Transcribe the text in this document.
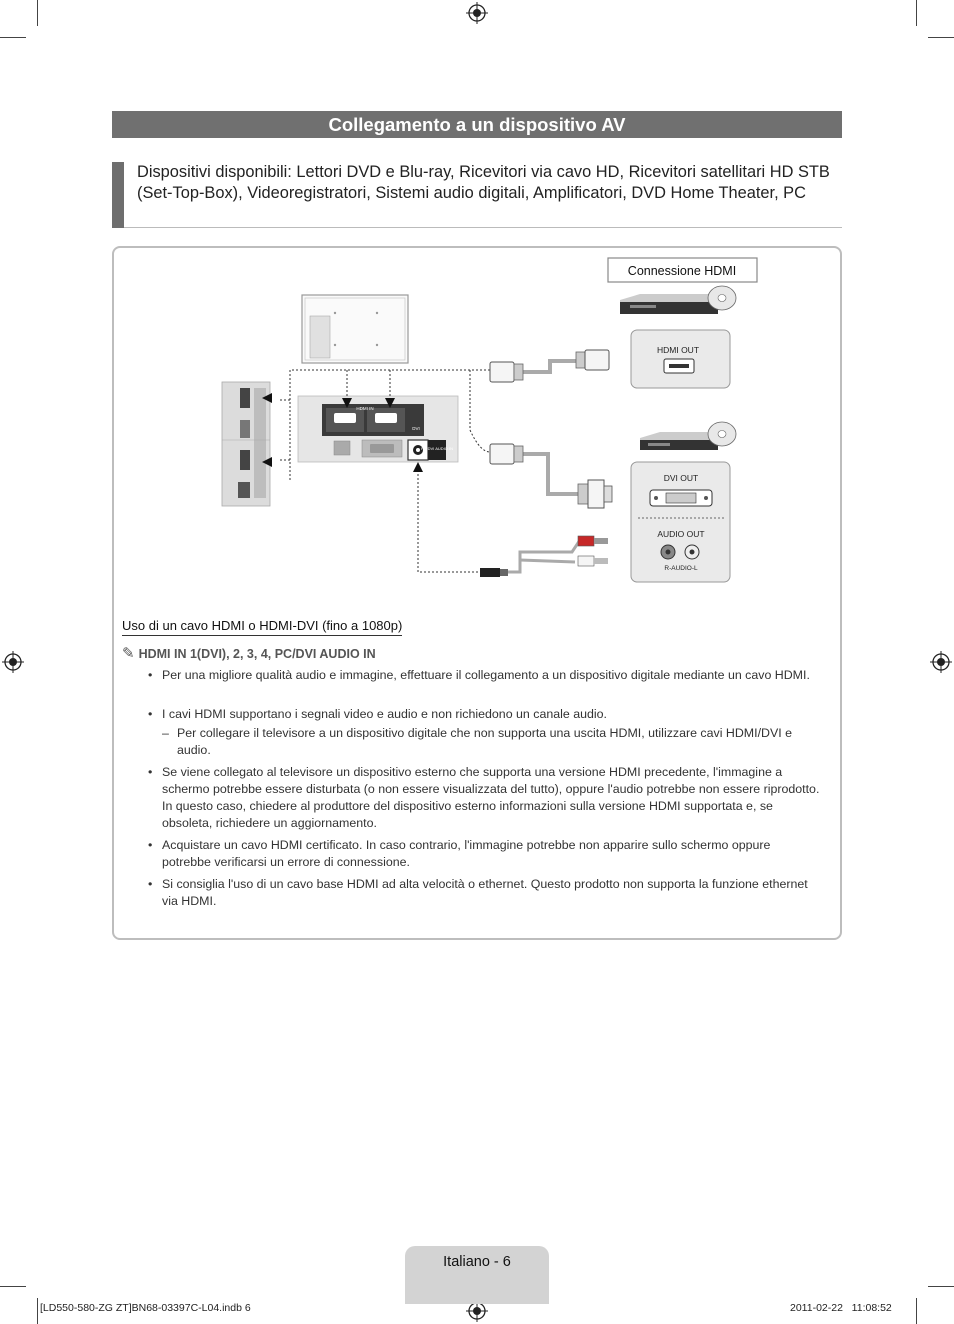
Collegamento a un dispositivo AV
Dispositivi disponibili: Lettori DVD e Blu-ray, Ricevitori via cavo HD, Ricevitori satellitari HD STB (Set-Top-Box), Videoregistratori, Sistemi audio digitali, Amplificatori, DVD Home Theater, PC
Connessione HDMI
HDMI IN
DVI
PC/DVI AUDIO IN
HDMI OUT
DVI OUT
AUDIO OUT
R-AUDIO-L
Uso di un cavo HDMI o HDMI-DVI (fino a 1080p)
✎ HDMI IN 1(DVI), 2, 3, 4, PC/DVI AUDIO IN
• Per una migliore qualità audio e immagine, effettuare il collegamento a un dispositivo digitale mediante un cavo HDMI.
• I cavi HDMI supportano i segnali video e audio e non richiedono un canale audio.
– Per collegare il televisore a un dispositivo digitale che non supporta una uscita HDMI, utilizzare cavi HDMI/DVI e audio.
• Se viene collegato al televisore un dispositivo esterno che supporta una versione HDMI precedente, l'immagine a schermo potrebbe essere disturbata (o non essere visualizzata del tutto), oppure l'audio potrebbe non essere riprodotto. In questo caso, chiedere al produttore del dispositivo esterno informazioni sulla versione HDMI supportata e, se obsoleta, richiedere un aggiornamento.
• Acquistare un cavo HDMI certificato. In caso contrario, l'immagine potrebbe non apparire sullo schermo oppure potrebbe verificarsi un errore di connessione.
• Si consiglia l'uso di un cavo base HDMI ad alta velocità o ethernet. Questo prodotto non supporta la funzione ethernet via HDMI.
Italiano - 6
[LD550-580-ZG ZT]BN68-03397C-L04.indb 6	2011-02-22   11:08:52
